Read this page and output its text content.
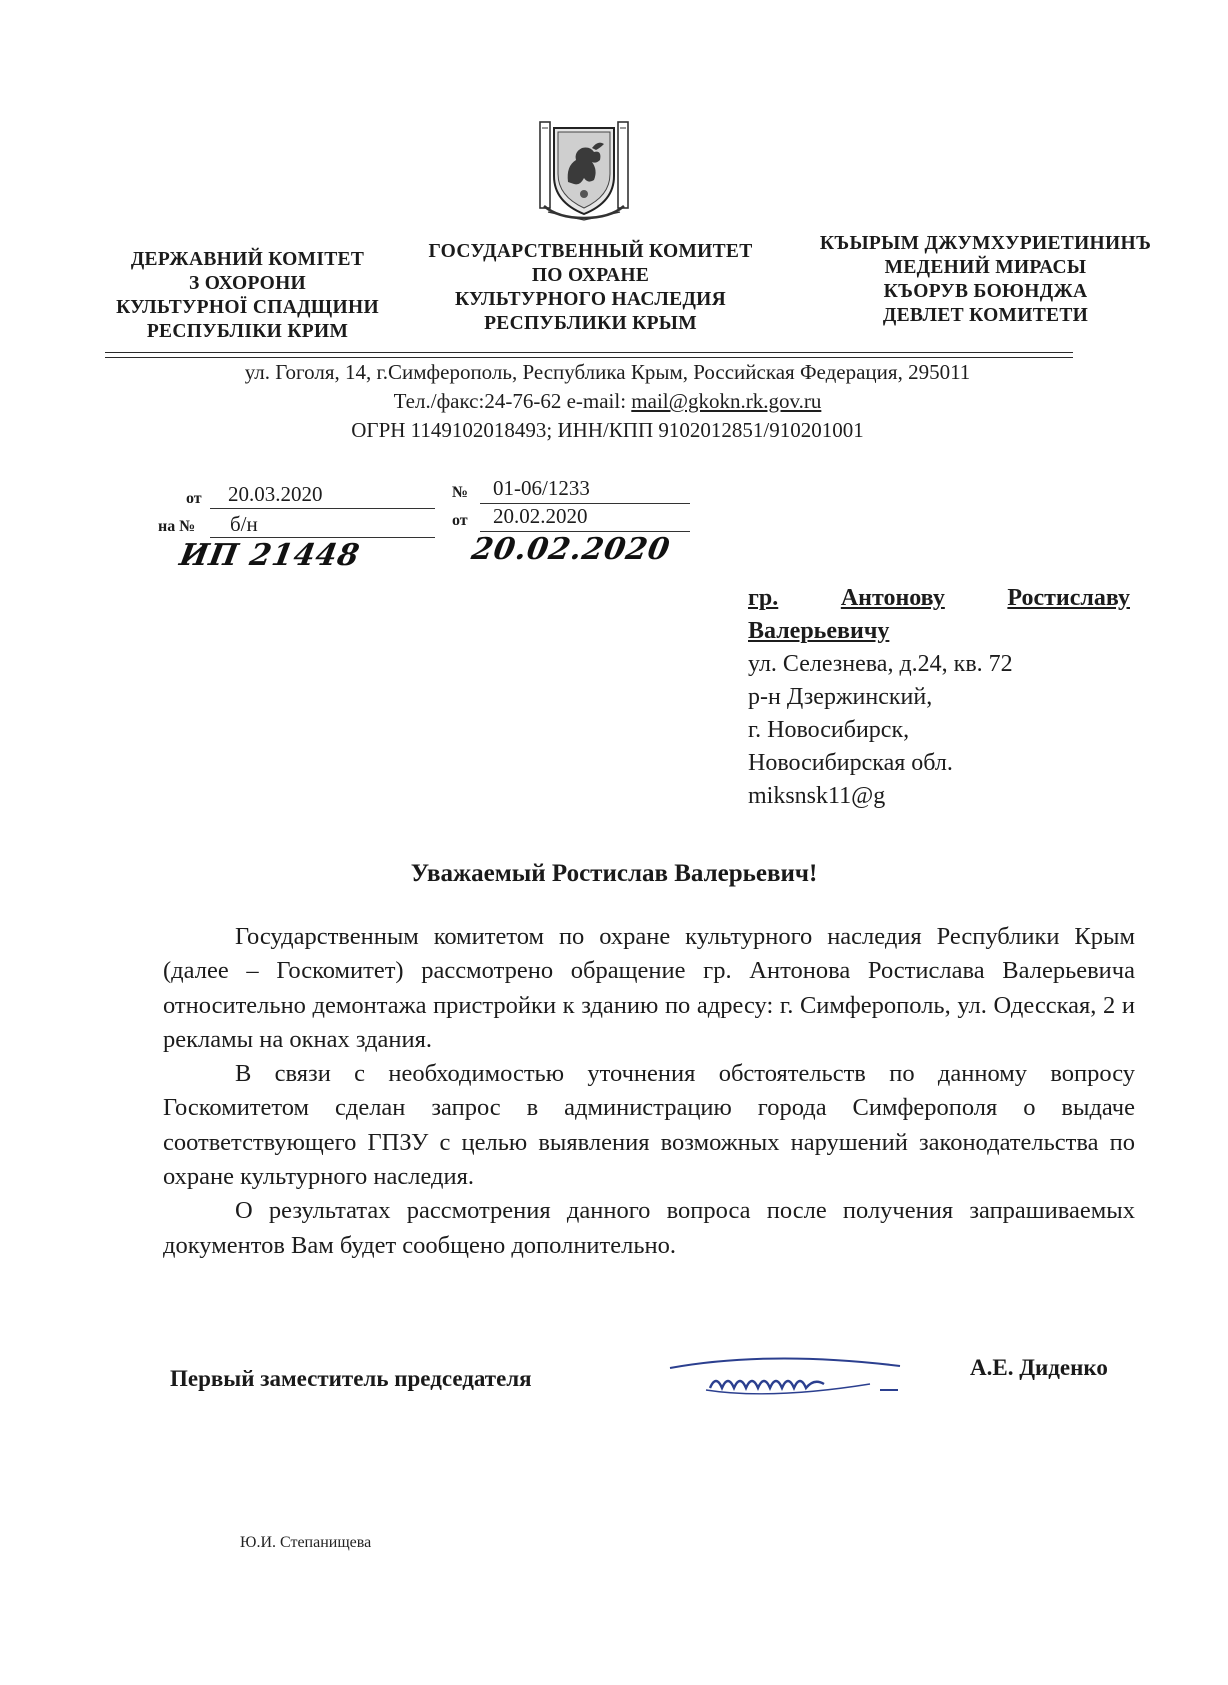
ДЕРЖАВНИЙ КОМІТЕТ
З ОХОРОНИ
КУЛЬТУРНОЇ СПАДЩИНИ
РЕСПУБЛІКИ КРИМ
ГОСУДАРСТВЕННЫЙ КОМИТЕТ
ПО ОХРАНЕ
КУЛЬТУРНОГО НАСЛЕДИЯ
РЕСПУБЛИКИ КРЫМ
КЪЫРЫМ ДЖУМХУРИЕТИНИНЪ
МЕДЕНИЙ МИРАСЫ
КЪОРУВ БОЮНДЖА
ДЕВЛЕТ КОМИТЕТИ
ул. Гоголя, 14, г.Симферополь, Республика Крым, Российская Федерация, 295011
Тел./факс:24-76-62 e-mail: mail@gkokn.rk.gov.ru
ОГРН 1149102018493; ИНН/КПП 9102012851/910201001
от 20.03.2020	№ 01-06/1233
на № б/н	от 20.02.2020
ИП 21448	20.02.2020
гр.	Антонову	Ростиславу
Валерьевичу
ул. Селезнева, д.24, кв. 72
р-н Дзержинский,
г. Новосибирск,
Новосибирская обл.
miksnsk11@g
Уважаемый Ростислав Валерьевич!

Государственным комитетом по охране культурного наследия Республики Крым (далее – Госкомитет) рассмотрено обращение гр. Антонова Ростислава Валерьевича относительно демонтажа пристройки к зданию по адресу: г. Симферополь, ул. Одесская, 2 и рекламы на окнах здания.

В связи с необходимостью уточнения обстоятельств по данному вопросу Госкомитетом сделан запрос в администрацию города Симферополя о выдаче соответствующего ГПЗУ с целью выявления возможных нарушений законодательства по охране культурного наследия.

О результатах рассмотрения данного вопроса после получения запрашиваемых документов Вам будет сообщено дополнительно.

Первый заместитель председателя	А.Е. Диденко
Ю.И. Степанищева
